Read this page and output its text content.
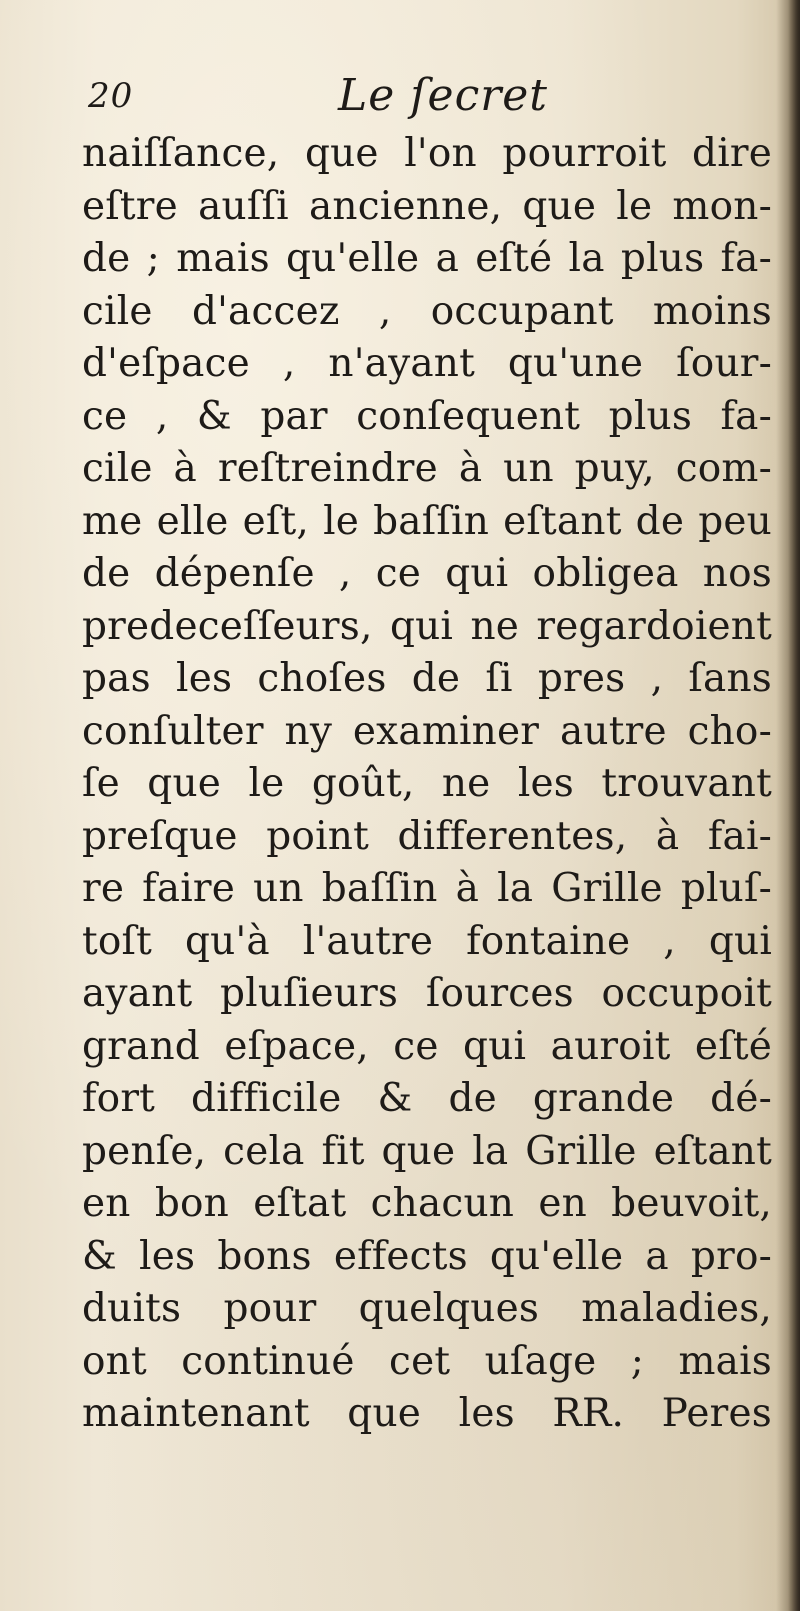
20	Le ſecret
naiſſance, que l'on pourroit dire
eſtre auſſi ancienne, que le mon-
de ; mais qu'elle a eſté la plus fa-
cile d'accez , occupant moins
d'eſpace , n'ayant qu'une ſour-
ce , & par conſequent plus fa-
cile à reſtreindre à un puy, com-
me elle eſt, le baſſin eſtant de peu
de dépenſe , ce qui obligea nos
predeceſſeurs, qui ne regardoient
pas les choſes de ſi pres , ſans
conſulter ny examiner autre cho-
ſe que le goût, ne les trouvant
preſque point differentes, à fai-
re faire un baſſin à la Grille pluſ-
toſt qu'à l'autre fontaine , qui
ayant pluſieurs ſources occupoit
grand eſpace, ce qui auroit eſté
fort difficile & de grande dé-
penſe, cela fit que la Grille eſtant
en bon eſtat chacun en beuvoit,
& les bons effects qu'elle a pro-
duits pour quelques maladies,
ont continué cet uſage ; mais
maintenant que les RR. Peres
